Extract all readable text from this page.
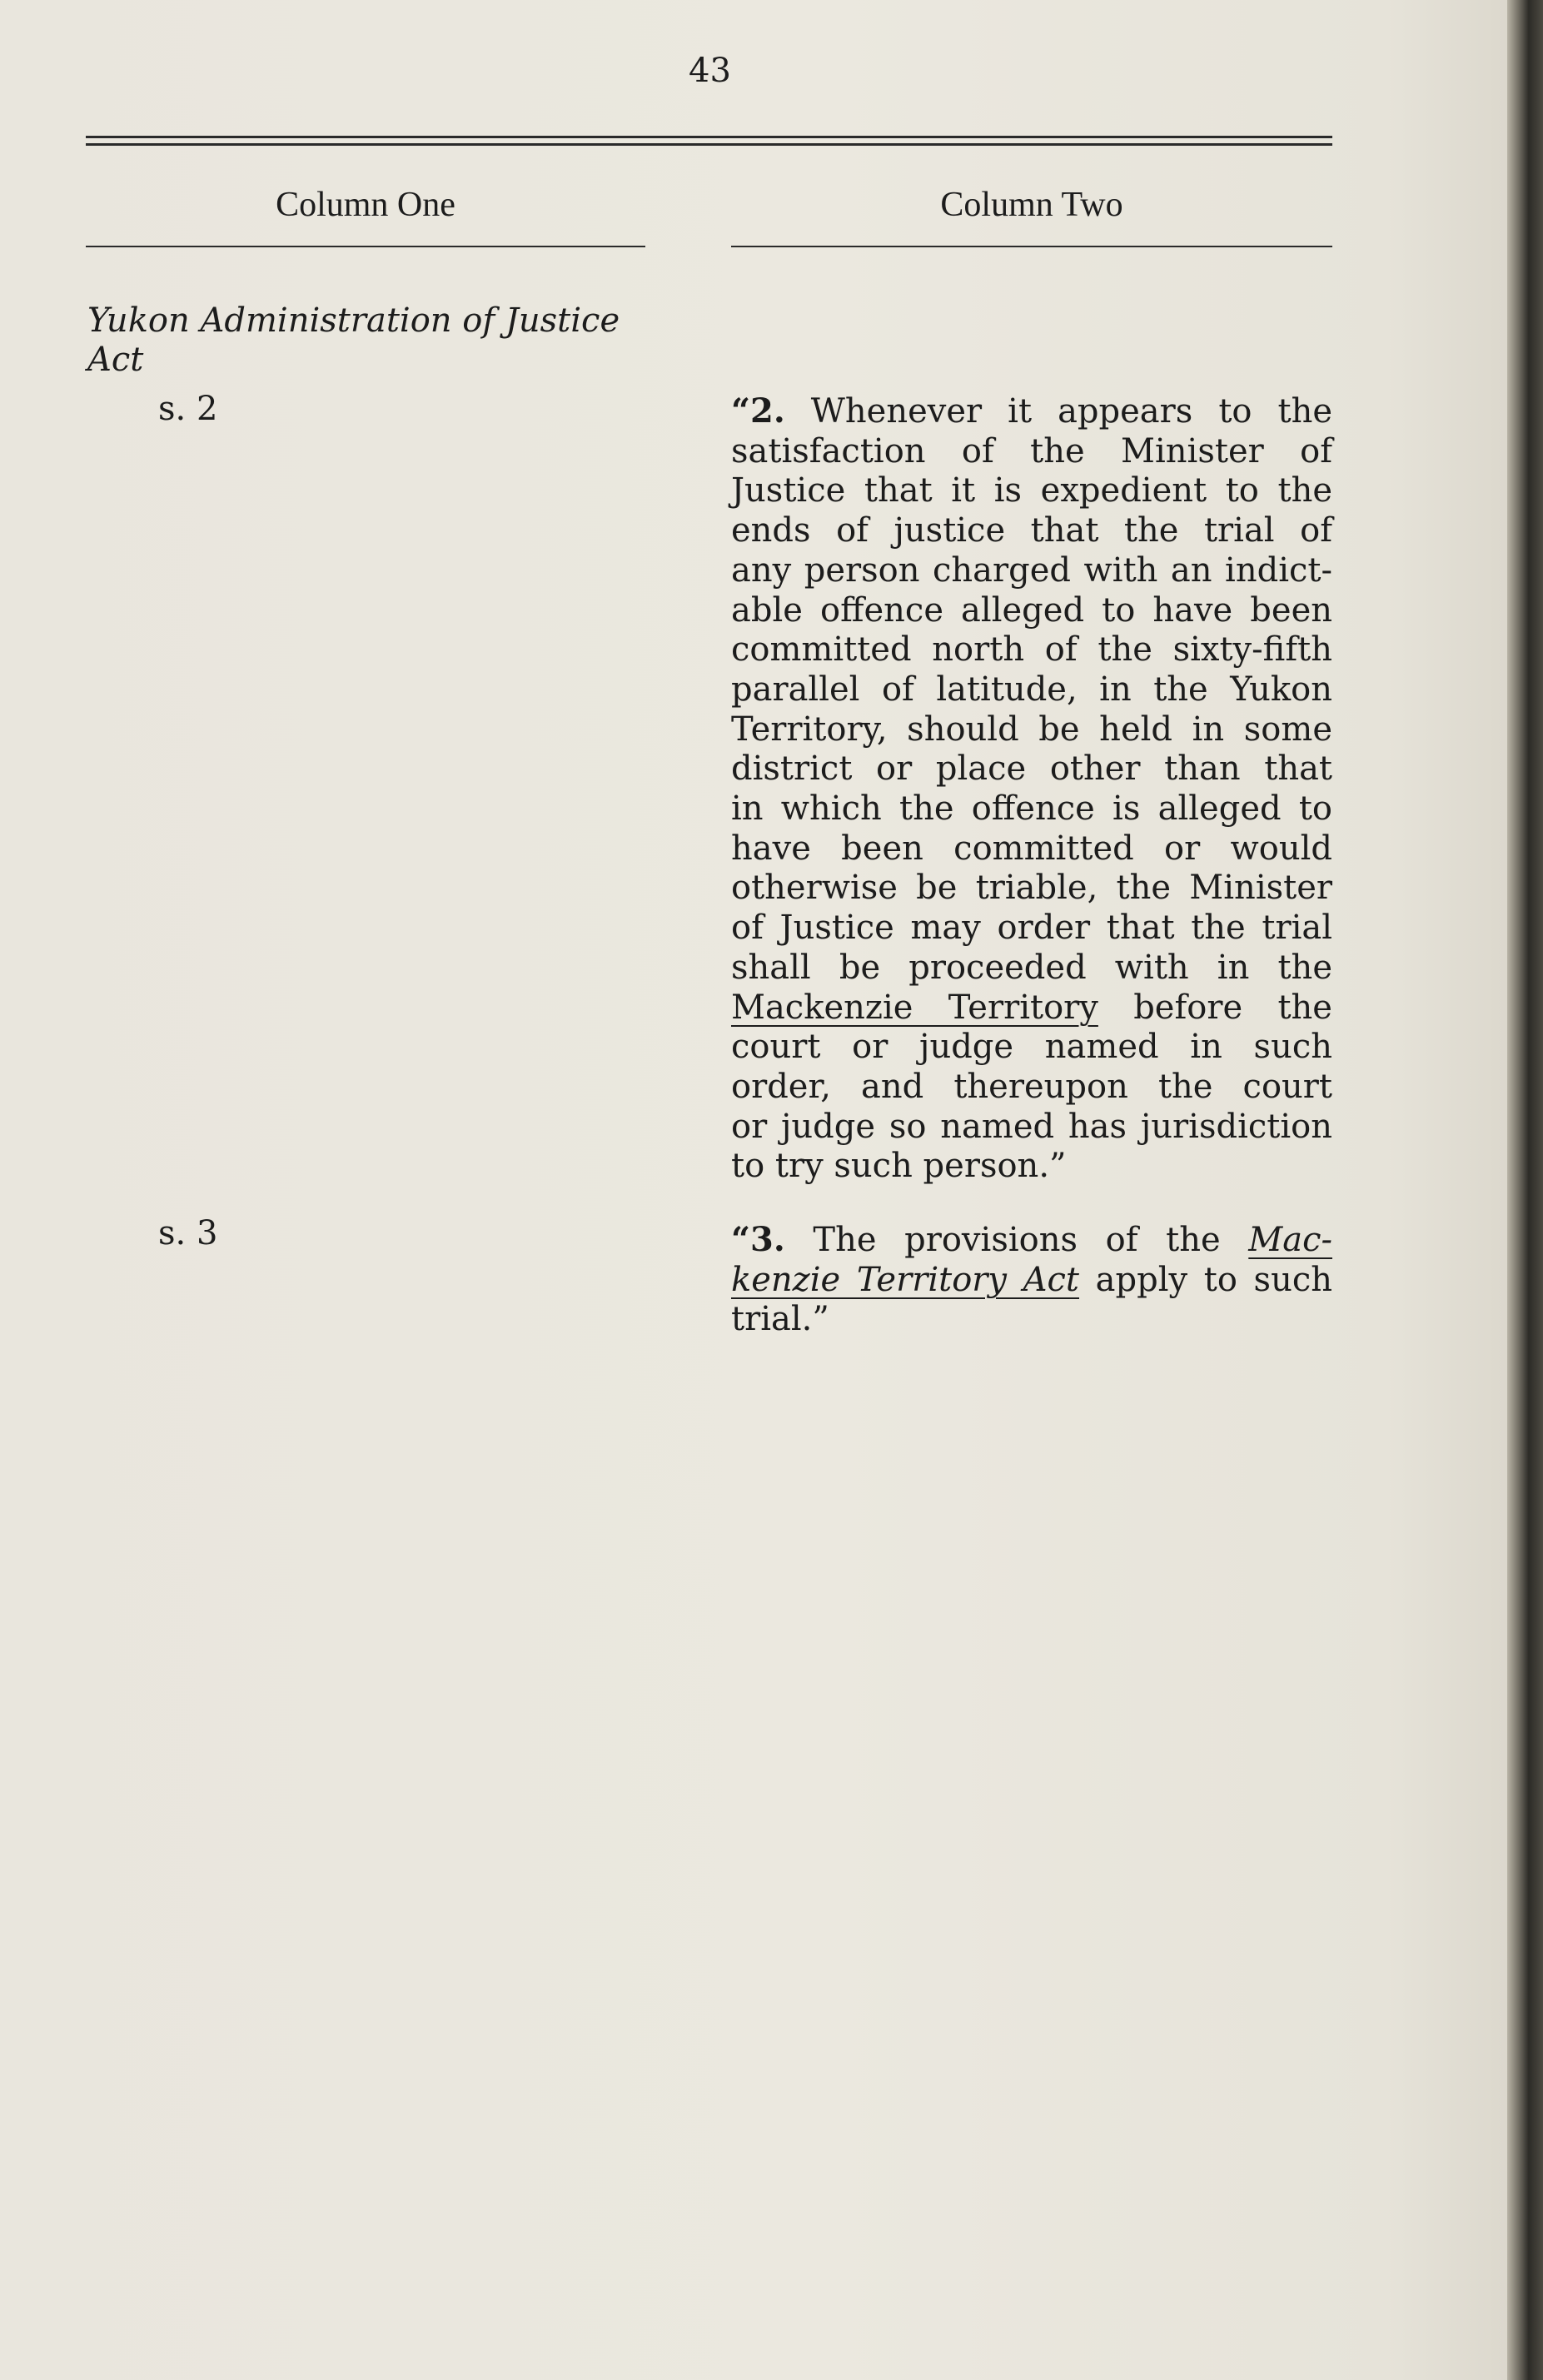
43
Column One	Column Two
Yukon Administration of Justice Act
s. 2
s. 3
“2. Whenever it appears to the
satisfaction of the Minister of
Justice that it is expedient to the
ends of justice that the trial of
any person charged with an indict-
able offence alleged to have been
committed north of the sixty-fifth
parallel of latitude, in the Yukon
Territory, should be held in some
district or place other than that
in which the offence is alleged to
have been committed or would
otherwise be triable, the Minister
of Justice may order that the trial
shall be proceeded with in the
Mackenzie Territory before the
court or judge named in such
order, and thereupon the court
or judge so named has jurisdiction
to try such person.”
“3. The provisions of the Mac-
kenzie Territory Act apply to such
trial.”
